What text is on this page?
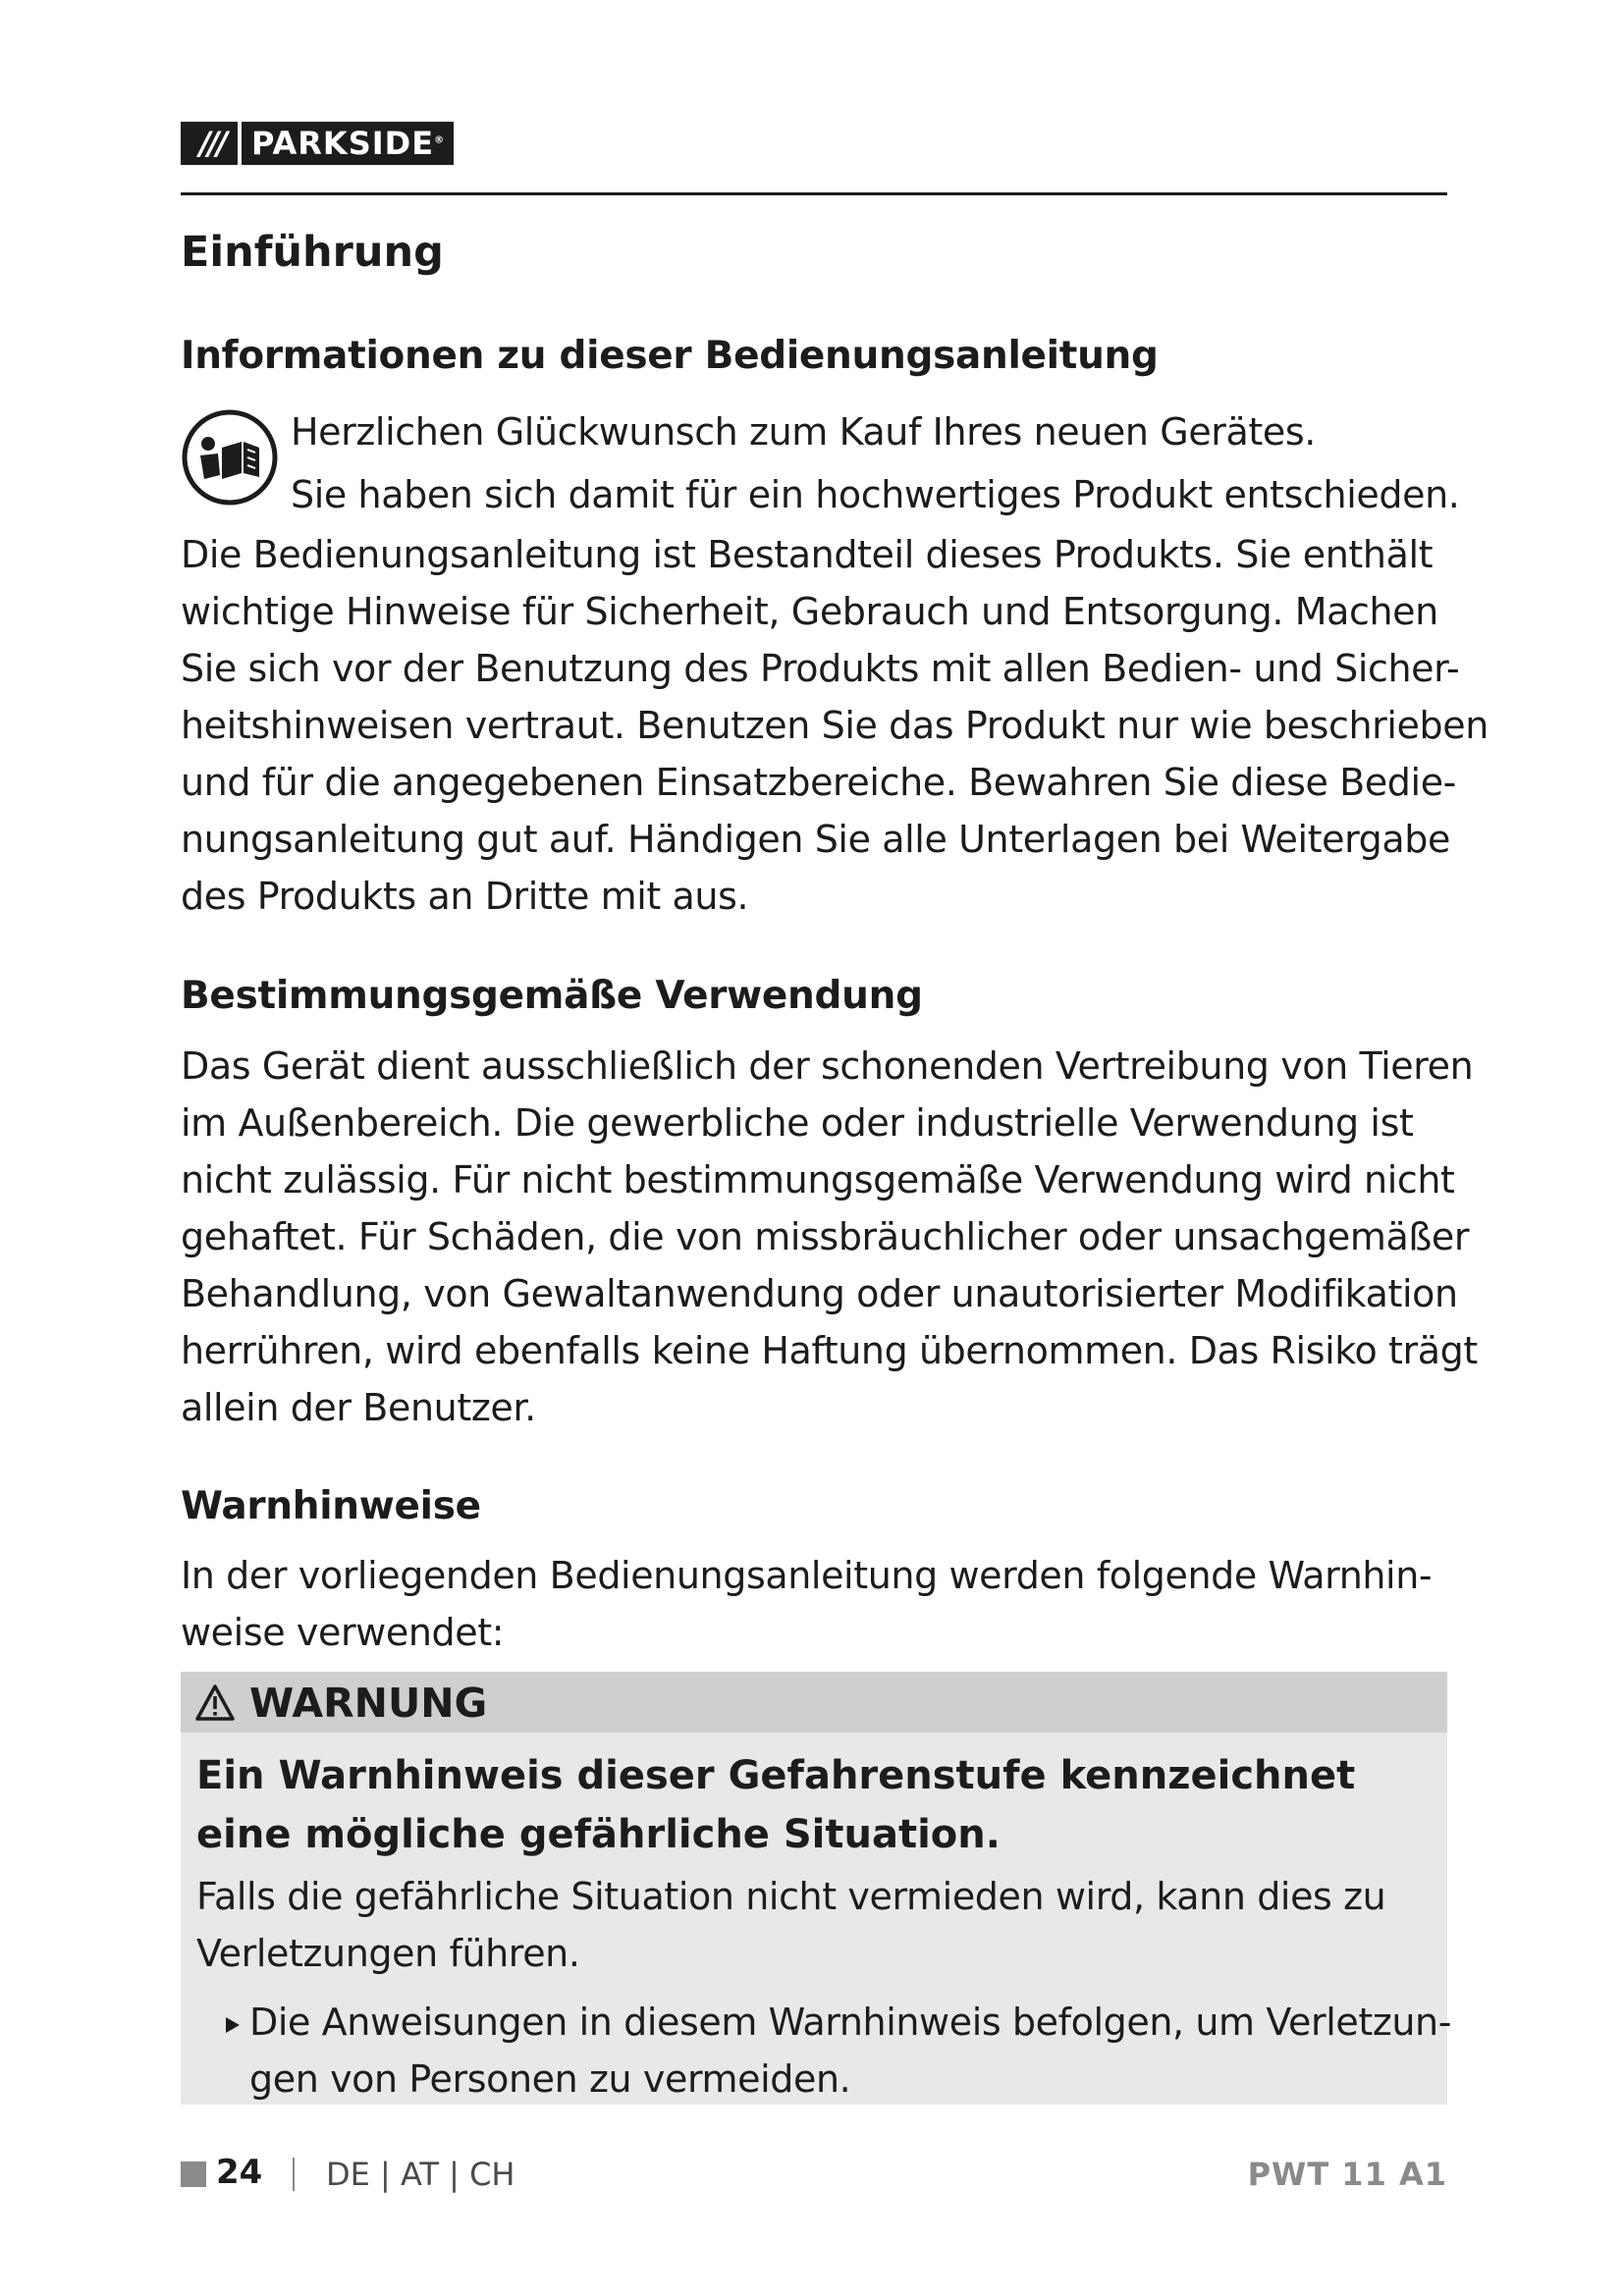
/// PARKSIDE®
Einführung
Informationen zu dieser Bedienungsanleitung
Herzlichen Glückwunsch zum Kauf Ihres neuen Gerätes.
Sie haben sich damit für ein hochwertiges Produkt entschieden.
Die Bedienungsanleitung ist Bestandteil dieses Produkts. Sie enthält
wichtige Hinweise für Sicherheit, Gebrauch und Entsorgung. Machen
Sie sich vor der Benutzung des Produkts mit allen Bedien- und Sicher-
heitshinweisen vertraut. Benutzen Sie das Produkt nur wie beschrieben
und für die angegebenen Einsatzbereiche. Bewahren Sie diese Bedie-
nungsanleitung gut auf. Händigen Sie alle Unterlagen bei Weitergabe
des Produkts an Dritte mit aus.
Bestimmungsgemäße Verwendung
Das Gerät dient ausschließlich der schonenden Vertreibung von Tieren
im Außenbereich. Die gewerbliche oder industrielle Verwendung ist
nicht zulässig. Für nicht bestimmungsgemäße Verwendung wird nicht
gehaftet. Für Schäden, die von missbräuchlicher oder unsachgemäßer
Behandlung, von Gewaltanwendung oder unautorisierter Modifikation
herrühren, wird ebenfalls keine Haftung übernommen. Das Risiko trägt
allein der Benutzer.
Warnhinweise
In der vorliegenden Bedienungsanleitung werden folgende Warnhin-
weise verwendet:
WARNUNG
Ein Warnhinweis dieser Gefahrenstufe kennzeichnet
eine mögliche gefährliche Situation.
Falls die gefährliche Situation nicht vermieden wird, kann dies zu
Verletzungen führen.
Die Anweisungen in diesem Warnhinweis befolgen, um Verletzun-
gen von Personen zu vermeiden.
24 DE | AT | CH	PWT 11 A1
